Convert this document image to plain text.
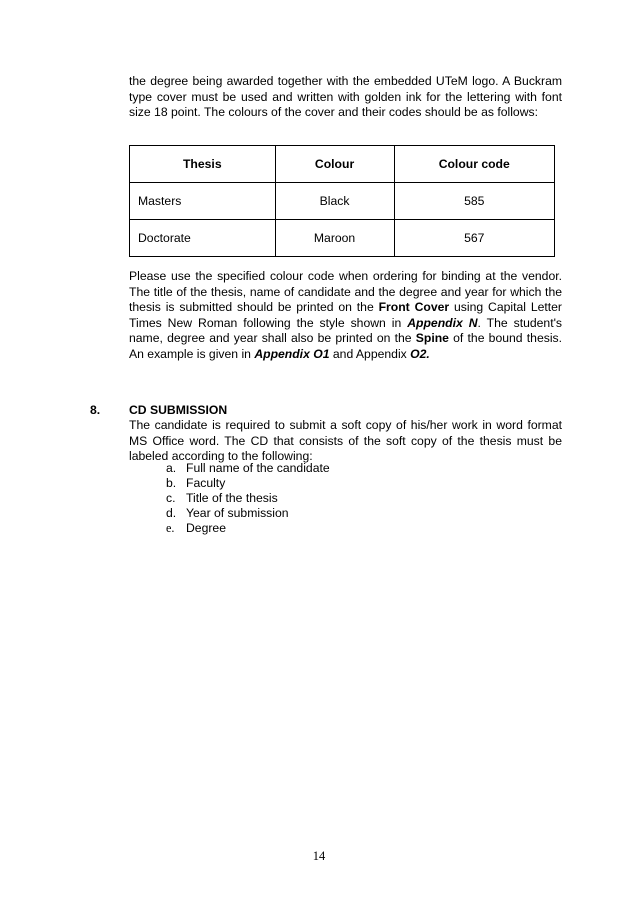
the degree being awarded together with the embedded UTeM logo. A Buckram type cover must be used and written with golden ink for the lettering with font size 18 point. The colours of the cover and their codes should be as follows:
Thesis	Colour	Colour code
Masters	Black	585
Doctorate	Maroon	567
Please use the specified colour code when ordering for binding at the vendor. The title of the thesis, name of candidate and the degree and year for which the thesis is submitted should be printed on the Front Cover using Capital Letter Times New Roman following the style shown in Appendix N. The student's name, degree and year shall also be printed on the Spine of the bound thesis. An example is given in Appendix O1 and Appendix O2.
8. CD SUBMISSION
The candidate is required to submit a soft copy of his/her work in word format MS Office word. The CD that consists of the soft copy of the thesis must be labeled according to the following:
a. Full name of the candidate
b. Faculty
c. Title of the thesis
d. Year of submission
e. Degree
14
